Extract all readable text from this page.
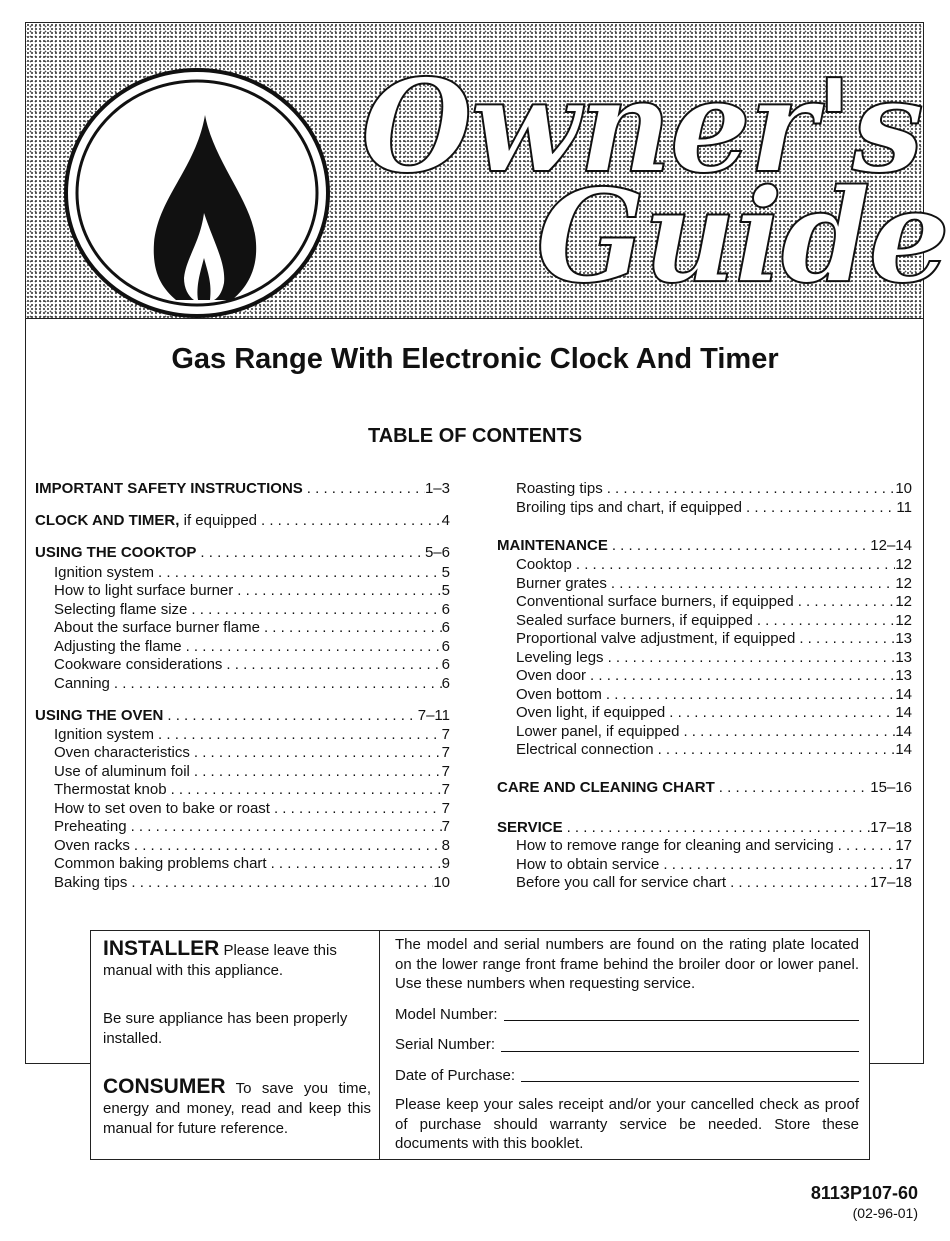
Owner's
Guide
Gas Range With Electronic Clock And Timer
TABLE OF CONTENTS
IMPORTANT SAFETY INSTRUCTIONS . . .	1–3
CLOCK AND TIMER, if equipped . . .	4
USING THE COOKTOP . . .	5–6
Ignition system . . .	5
How to light surface burner . . .	5
Selecting flame size . . .	6
About the surface burner flame . . .	6
Adjusting the flame . . .	6
Cookware considerations . . .	6
Canning . . .	6
USING THE OVEN . . .	7–11
Ignition system . . .	7
Oven characteristics . . .	7
Use of aluminum foil . . .	7
Thermostat knob . . .	7
How to set oven to bake or roast . . .	7
Preheating . . .	7
Oven racks . . .	8
Common baking problems chart . . .	9
Baking tips . . .	10
Roasting tips . . .	10
Broiling tips and chart, if equipped . . .	11
MAINTENANCE . . .	12–14
Cooktop . . .	12
Burner grates . . .	12
Conventional surface burners, if equipped . . .	12
Sealed surface burners, if equipped . . .	12
Proportional valve adjustment, if equipped . . .	13
Leveling legs . . .	13
Oven door . . .	13
Oven bottom . . .	14
Oven light, if equipped . . .	14
Lower panel, if equipped . . .	14
Electrical connection . . .	14
CARE AND CLEANING CHART . . .	15–16
SERVICE . . .	17–18
How to remove range for cleaning and servicing . . .	17
How to obtain service . . .	17
Before you call for service chart . . .	17–18
INSTALLER Please leave this manual with this appliance.
Be sure appliance has been properly installed.
CONSUMER To save you time, energy and money, read and keep this manual for future reference.
The model and serial numbers are found on the rating plate located on the lower range front frame behind the broiler door or lower panel. Use these numbers when requesting service.
Model Number:
Serial Number:
Date of Purchase:
Please keep your sales receipt and/or your cancelled check as proof of purchase should warranty service be needed. Store these documents with this booklet.
8113P107-60
(02-96-01)
